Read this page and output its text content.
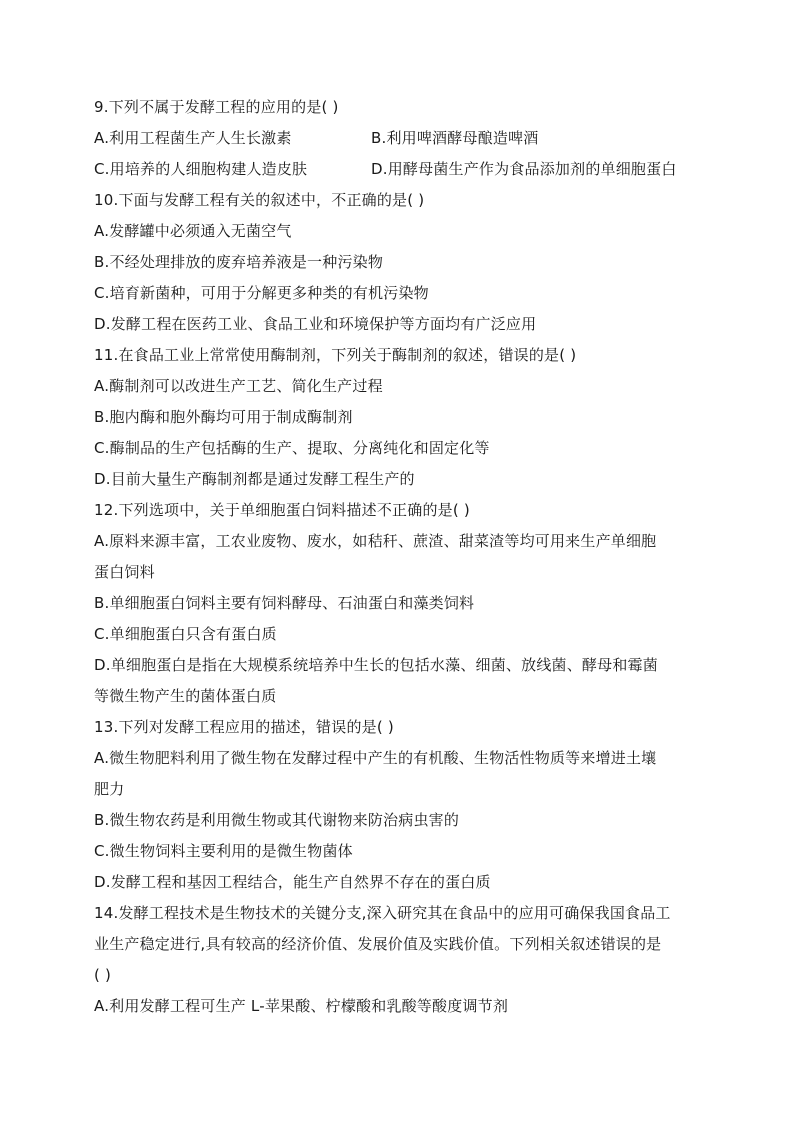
9.下列不属于发酵工程的应用的是( )
A.利用工程菌生产人生长激素	B.利用啤酒酵母酿造啤酒
C.用培养的人细胞构建人造皮肤	D.用酵母菌生产作为食品添加剂的单细胞蛋白
10.下面与发酵工程有关的叙述中，不正确的是( )
A.发酵罐中必须通入无菌空气
B.不经处理排放的废弃培养液是一种污染物
C.培育新菌种，可用于分解更多种类的有机污染物
D.发酵工程在医药工业、食品工业和环境保护等方面均有广泛应用
11.在食品工业上常常使用酶制剂，下列关于酶制剂的叙述，错误的是( )
A.酶制剂可以改进生产工艺、简化生产过程
B.胞内酶和胞外酶均可用于制成酶制剂
C.酶制品的生产包括酶的生产、提取、分离纯化和固定化等
D.目前大量生产酶制剂都是通过发酵工程生产的
12.下列选项中，关于单细胞蛋白饲料描述不正确的是( )
A.原料来源丰富，工农业废物、废水，如秸秆、蔗渣、甜菜渣等均可用来生产单细胞
蛋白饲料
B.单细胞蛋白饲料主要有饲料酵母、石油蛋白和藻类饲料
C.单细胞蛋白只含有蛋白质
D.单细胞蛋白是指在大规模系统培养中生长的包括水藻、细菌、放线菌、酵母和霉菌
等微生物产生的菌体蛋白质
13.下列对发酵工程应用的描述，错误的是( )
A.微生物肥料利用了微生物在发酵过程中产生的有机酸、生物活性物质等来增进土壤
肥力
B.微生物农药是利用微生物或其代谢物来防治病虫害的
C.微生物饲料主要利用的是微生物菌体
D.发酵工程和基因工程结合，能生产自然界不存在的蛋白质
14.发酵工程技术是生物技术的关键分支,深入研究其在食品中的应用可确保我国食品工
业生产稳定进行,具有较高的经济价值、发展价值及实践价值。下列相关叙述错误的是
( )
A.利用发酵工程可生产 L-苹果酸、柠檬酸和乳酸等酸度调节剂
